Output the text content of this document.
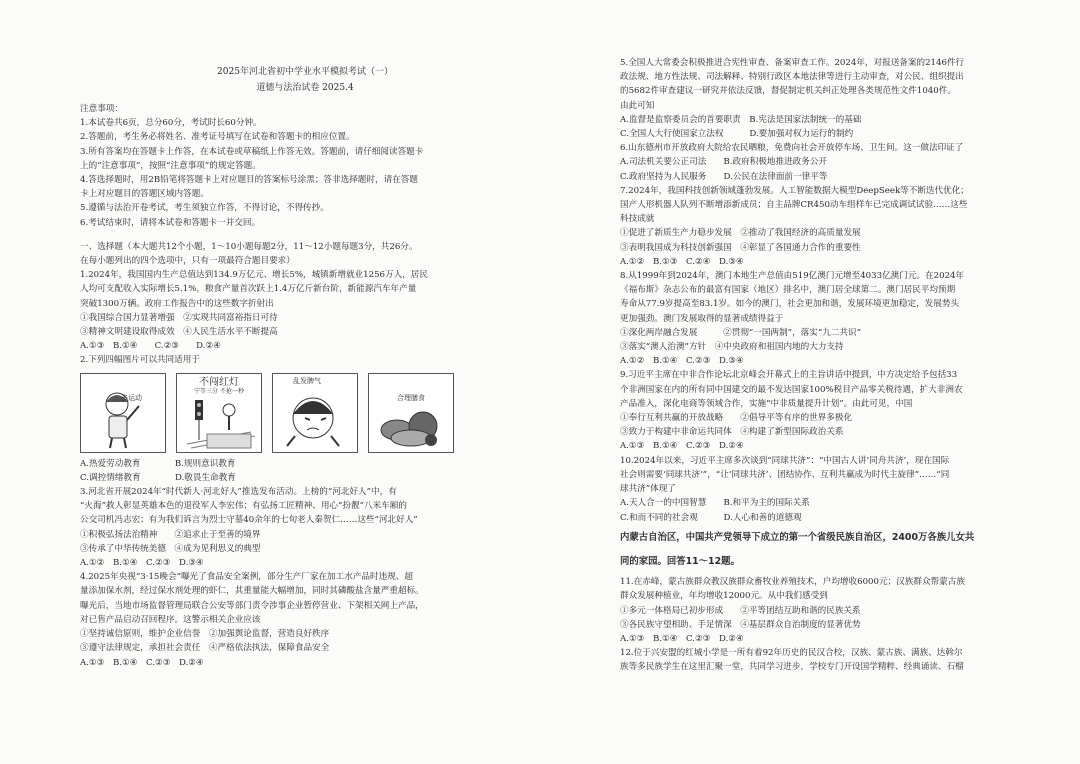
2025年河北省初中学业水平模拟考试（一）
道德与法治试卷 2025.4
注意事项：
1.本试卷共6页，总分60分，考试时长60分钟。
2.答题前，考生务必将姓名、准考证号填写在试卷和答题卡的相应位置。
3.所有答案均在答题卡上作答，在本试卷或草稿纸上作答无效。答题前，请仔细阅读答题卡
上的“注意事项”，按照“注意事项”的规定答题。
4.答选择题时，用2B铅笔将答题卡上对应题目的答案标号涂黑；答非选择题时，请在答题
卡上对应题目的答题区域内答题。
5.遵循与法治开卷考试，考生须独立作答，不得讨论，不得传抄。
6.考试结束时，请将本试卷和答题卡一并交回。
一、选择题（本大题共12个小题，1～10小题每题2分，11～12小题每题3分，共26分。
在每小题列出的四个选项中，只有一项最符合题目要求）
1.2024年，我国国内生产总值达到134.9万亿元、增长5%，城镇新增就业1256万人，居民
人均可支配收入实际增长5.1%，粮食产量首次跃上1.4万亿斤新台阶，新能源汽车年产量
突破1300万辆。政府工作报告中的这些数字折射出
①我国综合国力显著增强　②实现共同富裕指日可待
③精神文明建设取得成效　④人民生活水平不断提高
A.①③　B.①④　　C.②③　　D.②④
2.下列四幅图片可以共同适用于
多运动
不闯红灯
宁等三分 不抢一秒
乱发脾气
合理膳食
A.热爱劳动教育　　　　B.规则意识教育
C.调控情绪教育　　　　D.敬畏生命教育
3.河北省开展2024年“时代新人·河北好人”推选发布活动。上榜的“河北好人”中，有
“火海”救人彰显英雄本色的退役军人李宏伟；有弘扬工匠精神、用心“扮靓”八米车厢的
公交司机冯志宏；有为我们诉言为烈士守墓40余年的七旬老人秦贺仁……这些“河北好人”
①积极弘扬法治精神　　②追求止于至善的境界
③传承了中华传统美德　④成为见利思义的典型
A.①②　B.①④　C.②③　D.③④
4.2025年央视“3·15晚会”曝光了食品安全案例，部分生产厂家在加工水产品时违规、超
量添加保水剂，经过保水剂处理的虾仁，其重量能大幅增加，同时其磷酸盐含量严重超标。
曝光后，当地市场监督管理局联合公安等部门责令涉事企业暂停营业、下架相关网上产品，
对已售产品启动召回程序。这警示相关企业应该
①坚持诚信原则，维护企业信誉　②加强舆论监督，营造良好秩序
③遵守法律规定，承担社会责任　④严格依法执法，保障食品安全
A.①③　B.①④　C.②③　D.②④
5.全国人大常委会积极推进合宪性审查、备案审查工作。2024年，对报送备案的2146件行
政法规、地方性法规、司法解释、特别行政区本地法律等进行主动审查，对公民、组织提出
的5682件审查建议一研究并依法反馈，督促制定机关纠正处理各类规范性文件1040件。
由此可知
A.监督是监察委员会的首要职责　B.宪法是国家法制统一的基础
C.全国人大行使国家立法权　　　D.要加强对权力运行的制约
6.山东德州市开放政府大院给农民晒粮，免费向社会开放停车场、卫生间。这一做法印证了
A.司法机关要公正司法　　B.政府积极地推进政务公开
C.政府坚持为人民服务　　D.公民在法律面前一律平等
7.2024年，我国科技创新领域蓬勃发展。人工智能数据大模型DeepSeek等不断迭代优化；
国产人形机器人队列不断增添新成员；自主品牌CR450动车组样车已完成调试试验……这些
科技成就
①促进了新质生产力稳步发展　②推动了我国经济的高质量发展
③表明我国成为科技创新强国　④彰显了各国通力合作的重要性
A.①②　B.①③　C.②④　D.③④
8.从1999年到2024年，澳门本地生产总值由519亿澳门元增至4033亿澳门元。在2024年
《福布斯》杂志公布的最富有国家（地区）排名中，澳门居全球第二。澳门居民平均预期
寿命从77.9岁提高至83.1岁。如今的澳门，社会更加和谐，发展环境更加稳定，发展势头
更加强劲。澳门发展取得的显著成绩得益于
①深化两岸融合发展　　　②贯彻“一国两制”，落实“九二共识”
③落实“澳人治澳”方针　④中央政府和祖国内地的大力支持
A.①②　B.①④　C.②③　D.③④
9.习近平主席在中非合作论坛北京峰会开幕式上的主旨讲话中提到，中方决定给予包括33
个非洲国家在内的所有同中国建交的最不发达国家100%税目产品零关税待遇，扩大非洲农
产品准入，深化电商等领域合作，实施“中非质量提升计划”。由此可见，中国
①奉行互利共赢的开放战略　　②倡导平等有序的世界多极化
③致力于构建中非命运共同体　④构建了新型国际政治关系
A.①③　B.①④　C.②③　D.②④
10.2024年以来，习近平主席多次谈到“同球共济”：“中国古人讲‘同舟共济’，现在国际
社会则需要‘同球共济’”，“让‘同球共济’、团结协作、互利共赢成为时代主旋律”……“同
球共济”体现了
A.天人合一的中国智慧　　B.和平为主的国际关系
C.和而不同的社会观　　　D.人心和善的道德观
内蒙古自治区，中国共产党领导下成立的第一个省级民族自治区，2400万各族儿女共
同的家园。回答11～12题。
11.在赤峰，蒙古族群众教汉族群众畜牧业养殖技术，户均增收6000元；汉族群众帮蒙古族
群众发展种植业，年均增收12000元。从中我们感受到
①多元一体格局已初步形成　　②平等团结互助和谐的民族关系
③各民族守望相助、手足情深　④基层群众自治制度的显著优势
A.①③　B.①④　C.②③　D.②④
12.位于兴安盟的红城小学是一所有着92年历史的民汉合校，汉族、蒙古族、满族、达斡尔
族等多民族学生在这里汇聚一堂，共同学习进步，学校专门开设国学精粹、经典诵读、石榴
